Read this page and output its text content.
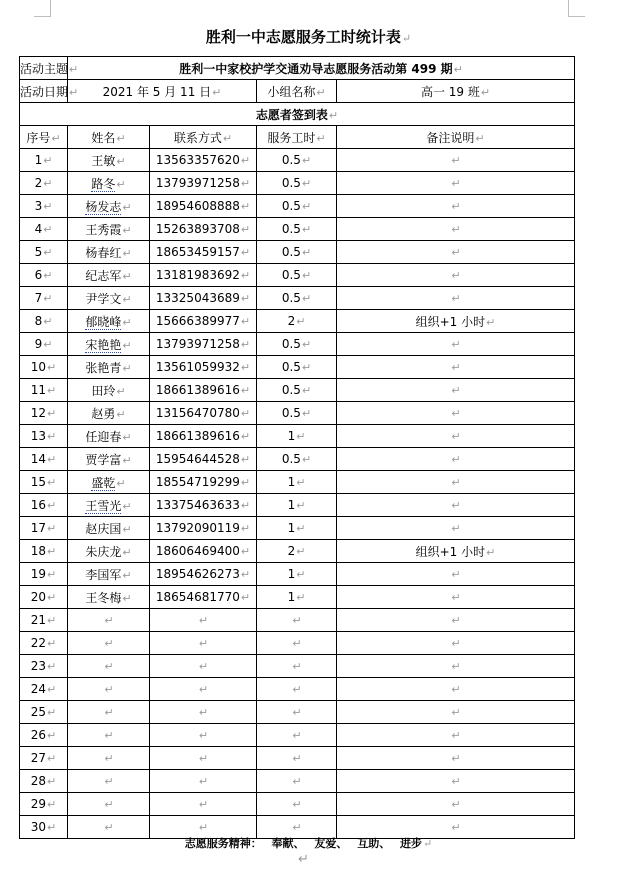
胜利一中志愿服务工时统计表↵
活动主题↵	胜利一中家校护学交通劝导志愿服务活动第 499 期↵			
活动日期↵	2021 年 5 月 11 日↵		小组名称↵	高一 19 班↵
志愿者签到表↵				
序号↵	姓名↵	联系方式↵	服务工时↵	备注说明↵
1↵	王敏↵	13563357620↵	0.5↵	↵
2↵	路冬↵	13793971258↵	0.5↵	↵
3↵	杨发志↵	18954608888↵	0.5↵	↵
4↵	王秀霞↵	15263893708↵	0.5↵	↵
5↵	杨春红↵	18653459157↵	0.5↵	↵
6↵	纪志军↵	13181983692↵	0.5↵	↵
7↵	尹学文↵	13325043689↵	0.5↵	↵
8↵	郁晓峰↵	15666389977↵	2↵	组织+1 小时↵
9↵	宋艳艳↵	13793971258↵	0.5↵	↵
10↵	张艳青↵	13561059932↵	0.5↵	↵
11↵	田玲↵	18661389616↵	0.5↵	↵
12↵	赵勇↵	13156470780↵	0.5↵	↵
13↵	任迎春↵	18661389616↵	1↵	↵
14↵	贾学富↵	15954644528↵	0.5↵	↵
15↵	盛乾↵	18554719299↵	1↵	↵
16↵	王雪光↵	13375463633↵	1↵	↵
17↵	赵庆国↵	13792090119↵	1↵	↵
18↵	朱庆龙↵	18606469400↵	2↵	组织+1 小时↵
19↵	李国军↵	18954626273↵	1↵	↵
20↵	王冬梅↵	18654681770↵	1↵	↵
21↵	↵	↵	↵	↵
22↵	↵	↵	↵	↵
23↵	↵	↵	↵	↵
24↵	↵	↵	↵	↵
25↵	↵	↵	↵	↵
26↵	↵	↵	↵	↵
27↵	↵	↵	↵	↵
28↵	↵	↵	↵	↵
29↵	↵	↵	↵	↵
30↵	↵	↵	↵	↵
志愿服务精神： 奉献、 友爱、 互助、 进步↵
↵
